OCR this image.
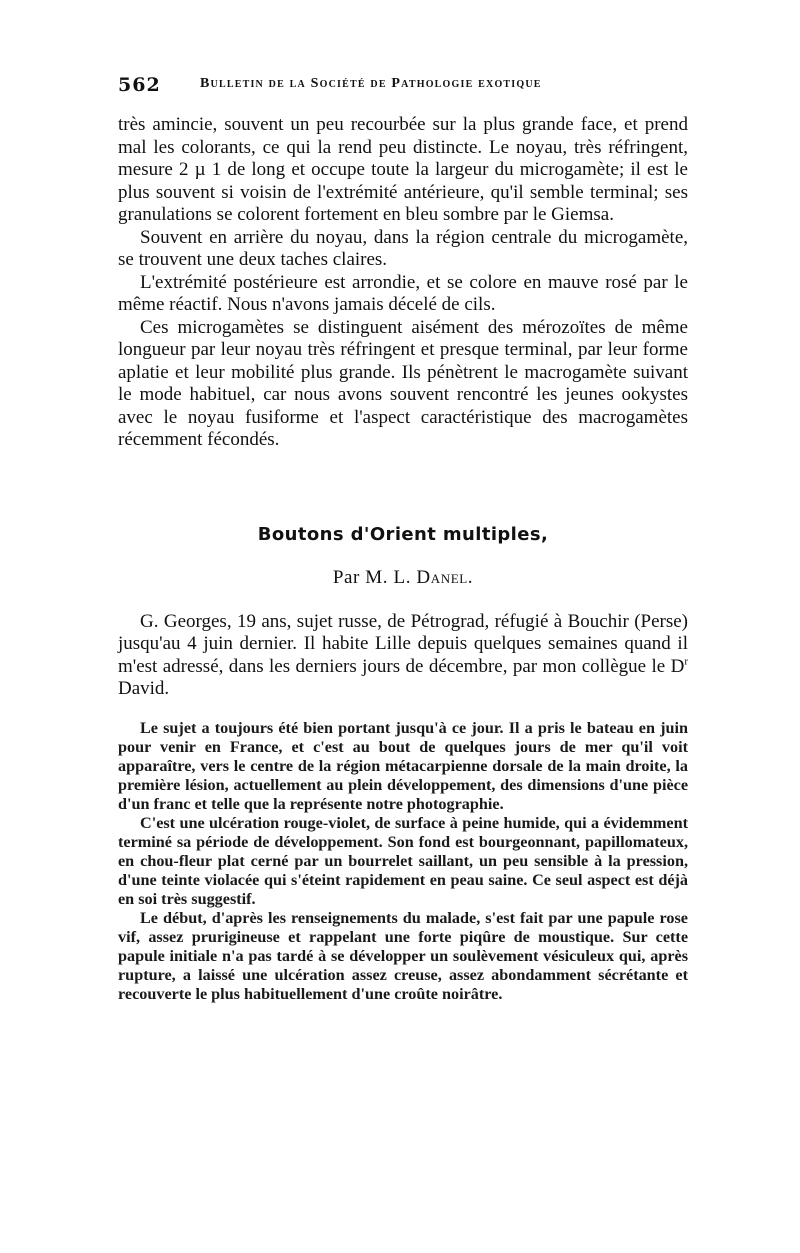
562	Bulletin de la Société de Pathologie exotique

très amincie, souvent un peu recourbée sur la plus grande face, et prend mal les colorants, ce qui la rend peu distincte. Le noyau, très réfringent, mesure 2 µ 1 de long et occupe toute la largeur du microgamète; il est le plus souvent si voisin de l'extrémité antérieure, qu'il semble terminal; ses granulations se colorent fortement en bleu sombre par le Giemsa.

Souvent en arrière du noyau, dans la région centrale du microgamète, se trouvent une deux taches claires.

L'extrémité postérieure est arrondie, et se colore en mauve rosé par le même réactif. Nous n'avons jamais décelé de cils.

Ces microgamètes se distinguent aisément des mérozoïtes de même longueur par leur noyau très réfringent et presque terminal, par leur forme aplatie et leur mobilité plus grande. Ils pénètrent le macrogamète suivant le mode habituel, car nous avons souvent rencontré les jeunes ookystes avec le noyau fusiforme et l'aspect caractéristique des macrogamètes récemment fécondés.

Boutons d'Orient multiples,
Par M. L. Danel.

G. Georges, 19 ans, sujet russe, de Pétrograd, réfugié à Bouchir (Perse) jusqu'au 4 juin dernier. Il habite Lille depuis quelques semaines quand il m'est adressé, dans les derniers jours de décembre, par mon collègue le $D^r$ David.

Le sujet a toujours été bien portant jusqu'à ce jour. Il a pris le bateau en juin pour venir en France, et c'est au bout de quelques jours de mer qu'il voit apparaître, vers le centre de la région métacarpienne dorsale de la main droite, la première lésion, actuellement au plein développement, des dimensions d'une pièce d'un franc et telle que la représente notre photographie.

C'est une ulcération rouge-violet, de surface à peine humide, qui a évidemment terminé sa période de développement. Son fond est bourgeonnant, papillomateux, en chou-fleur plat cerné par un bourrelet saillant, un peu sensible à la pression, d'une teinte violacée qui s'éteint rapidement en peau saine. Ce seul aspect est déjà en soi très suggestif.

Le début, d'après les renseignements du malade, s'est fait par une papule rose vif, assez prurigineuse et rappelant une forte piqûre de moustique. Sur cette papule initiale n'a pas tardé à se développer un soulèvement vésiculeux qui, après rupture, a laissé une ulcération assez creuse, assez abondamment sécrétante et recouverte le plus habituellement d'une croûte noirâtre.
